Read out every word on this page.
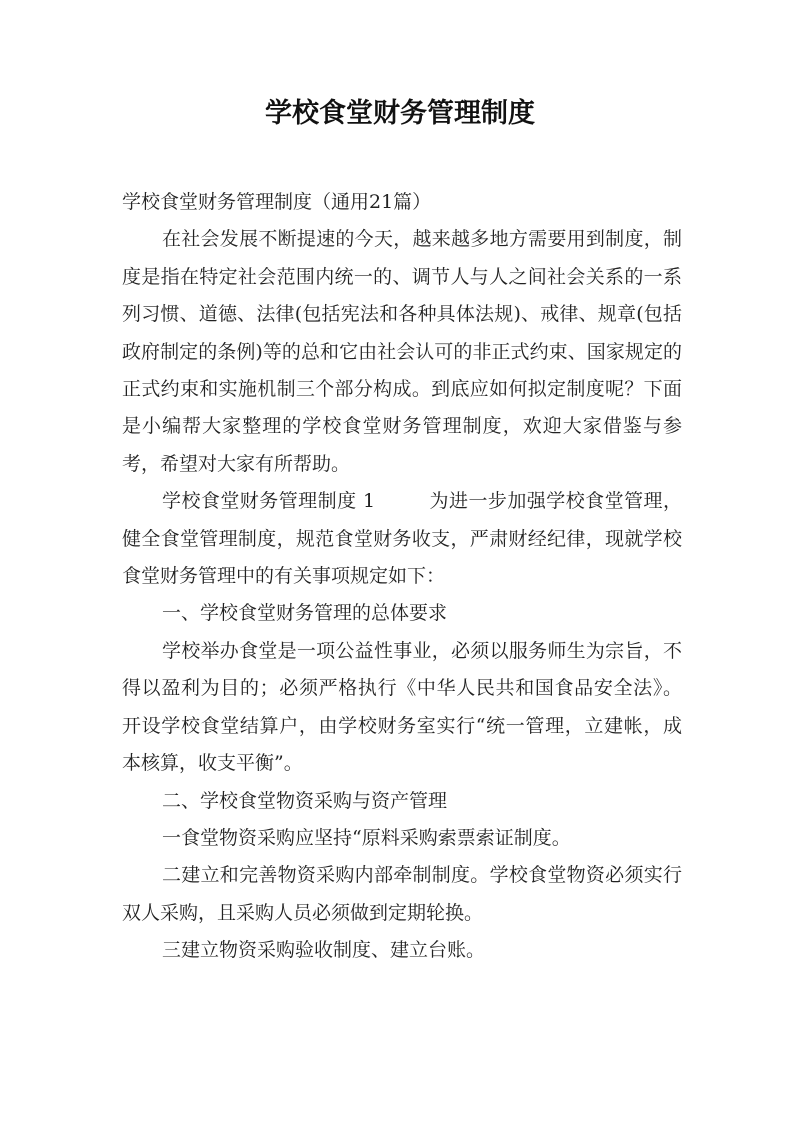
学校食堂财务管理制度

学校食堂财务管理制度（通用21篇）

在社会发展不断提速的今天，越来越多地方需要用到制度，制度是指在特定社会范围内统一的、调节人与人之间社会关系的一系列习惯、道德、法律(包括宪法和各种具体法规)、戒律、规章(包括政府制定的条例)等的总和它由社会认可的非正式约束、国家规定的正式约束和实施机制三个部分构成。到底应如何拟定制度呢？下面是小编帮大家整理的学校食堂财务管理制度，欢迎大家借鉴与参考，希望对大家有所帮助。

学校食堂财务管理制度 1	为进一步加强学校食堂管理，健全食堂管理制度，规范食堂财务收支，严肃财经纪律，现就学校食堂财务管理中的有关事项规定如下：

一、学校食堂财务管理的总体要求

学校举办食堂是一项公益性事业，必须以服务师生为宗旨，不得以盈利为目的；必须严格执行《中华人民共和国食品安全法》。开设学校食堂结算户，由学校财务室实行“统一管理，立建帐，成本核算，收支平衡”。

二、学校食堂物资采购与资产管理

一食堂物资采购应坚持“原料采购索票索证制度。

二建立和完善物资采购内部牵制制度。学校食堂物资必须实行双人采购，且采购人员必须做到定期轮换。

三建立物资采购验收制度、建立台账。
